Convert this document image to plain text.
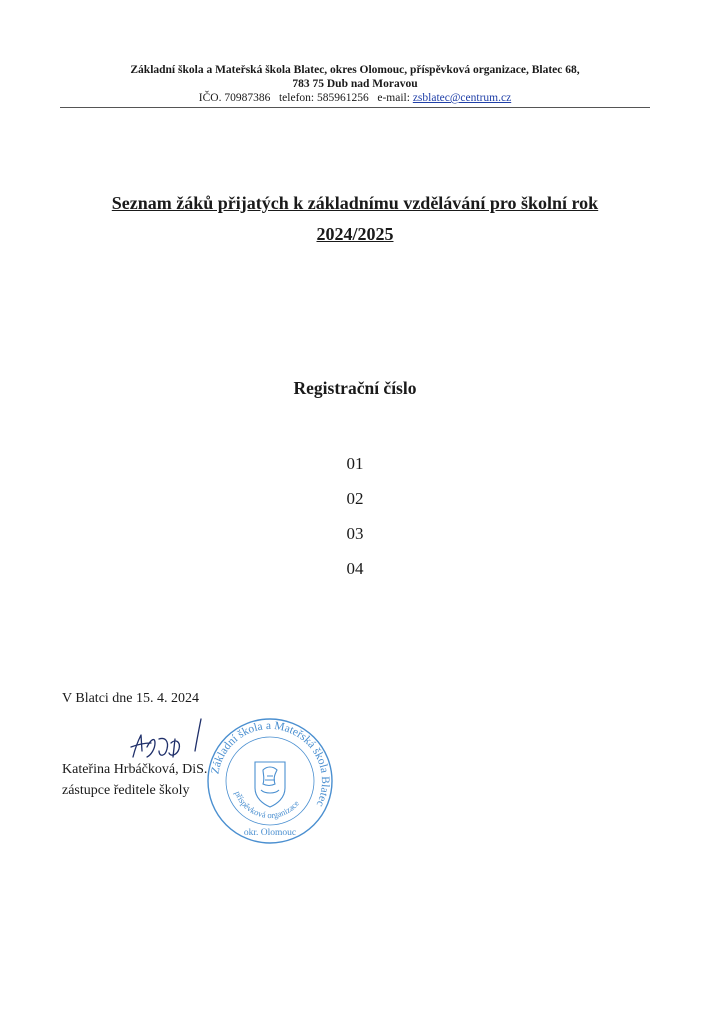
Základní škola a Mateřská škola Blatec, okres Olomouc, příspěvková organizace, Blatec 68,
783 75 Dub nad Moravou
IČO. 70987386 telefon: 585961256 e-mail: zsblatec@centrum.cz
Seznam žáků přijatých k základnímu vzdělávání pro školní rok
2024/2025
Registrační číslo
01
02
03
04
V Blatci dne 15. 4. 2024
Kateřina Hrbáčková, DiS.
zástupce ředitele školy
Základní škola a Mateřská škola Blatec
příspěvková organizace
okr. Olomouc
